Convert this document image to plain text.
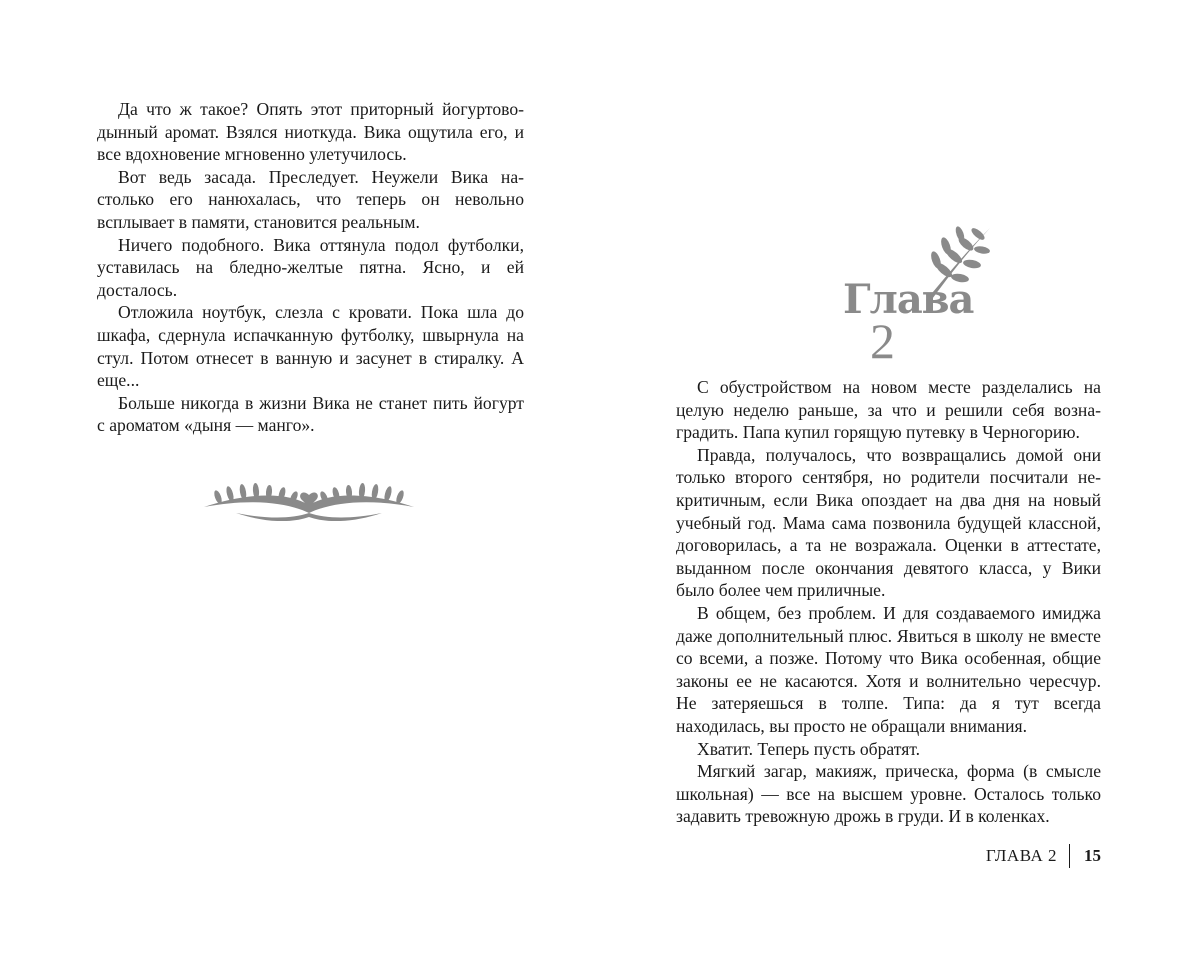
Да что ж такое? Опять этот приторный йогуртово-дынный аромат. Взялся ниоткуда. Вика ощутила его, и все вдохновение мгновенно улетучилось.

Вот ведь засада. Преследует. Неужели Вика настолько его нанюхалась, что теперь он невольно всплывает в памяти, становится реальным.

Ничего подобного. Вика оттянула подол футболки, уставилась на бледно-желтые пятна. Ясно, и ей досталось.

Отложила ноутбук, слезла с кровати. Пока шла до шкафа, сдернула испачканную футболку, швырнула на стул. Потом отнесет в ванную и засунет в стиралку. А еще...

Больше никогда в жизни Вика не станет пить йогурт с ароматом «дыня — манго».

Глава
2

С обустройством на новом месте разделались на целую неделю раньше, за что и решили себя вознаградить. Папа купил горящую путевку в Черногорию.

Правда, получалось, что возвращались домой они только второго сентября, но родители посчитали некритичным, если Вика опоздает на два дня на новый учебный год. Мама сама позвонила будущей классной, договорилась, а та не возражала. Оценки в аттестате, выданном после окончания девятого класса, у Вики было более чем приличные.

В общем, без проблем. И для создаваемого имиджа даже дополнительный плюс. Явиться в школу не вместе со всеми, а позже. Потому что Вика особенная, общие законы ее не касаются. Хотя и волнительно чересчур. Не затеряешься в толпе. Типа: да я тут всегда находилась, вы просто не обращали внимания.

Хватит. Теперь пусть обратят.

Мягкий загар, макияж, прическа, форма (в смысле школьная) — все на высшем уровне. Осталось только задавить тревожную дрожь в груди. И в коленках.

ГЛАВА 2 15
